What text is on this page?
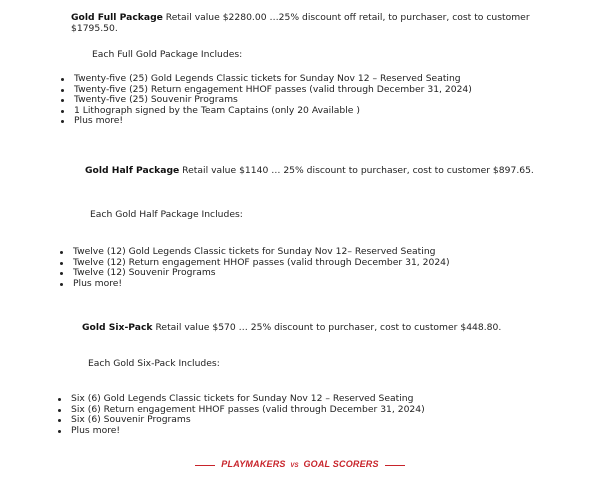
Gold Full Package Retail value $2280.00 …25% discount off retail, to purchaser, cost to customer $1795.50.
Each Full Gold Package Includes:
Twenty-five (25) Gold Legends Classic tickets for Sunday Nov 12 – Reserved Seating
Twenty-five (25) Return engagement HHOF passes (valid through December 31, 2024)
Twenty-five (25) Souvenir Programs
1 Lithograph signed by the Team Captains (only 20 Available )
Plus more!
Gold Half Package Retail value $1140 … 25% discount to purchaser, cost to customer $897.65.
Each Gold Half Package Includes:
Twelve (12) Gold Legends Classic tickets for Sunday Nov 12– Reserved Seating
Twelve (12) Return engagement HHOF passes (valid through December 31, 2024)
Twelve (12) Souvenir Programs
Plus more!
Gold Six-Pack Retail value $570 … 25% discount to purchaser, cost to customer $448.80.
Each Gold Six-Pack Includes:
Six (6) Gold Legends Classic tickets for Sunday Nov 12 – Reserved Seating
Six (6) Return engagement HHOF passes (valid through December 31, 2024)
Six (6) Souvenir Programs
Plus more!
PLAYMAKERS VS GOAL SCORERS
